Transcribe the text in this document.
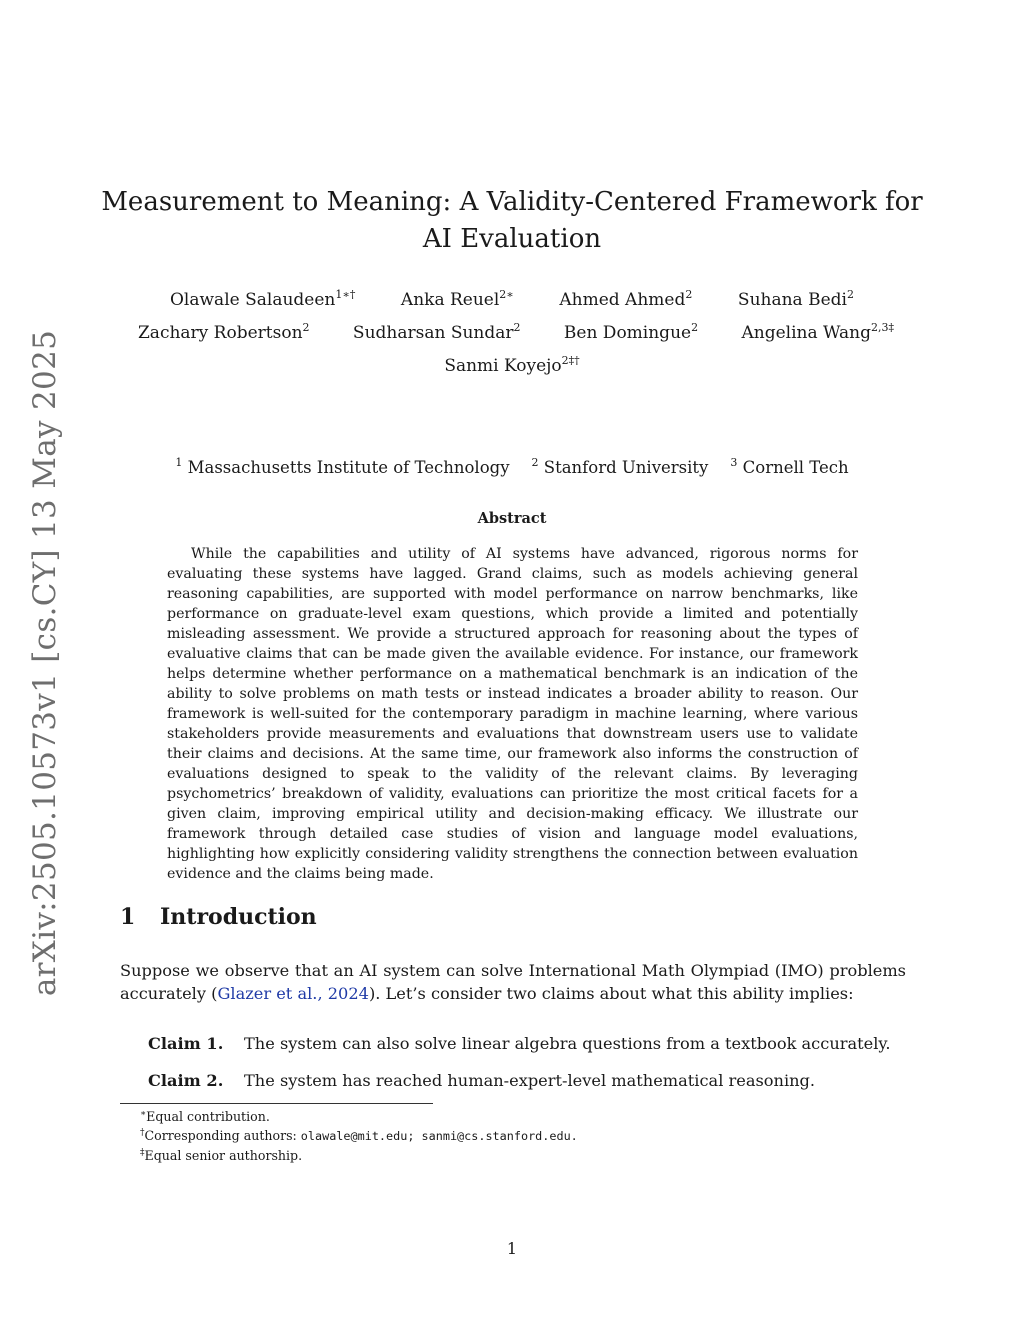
arXiv:2505.10573v1 [cs.CY] 13 May 2025
Measurement to Meaning: A Validity-Centered Framework for AI Evaluation
Olawale Salaudeen$^{1∗\dagger}$	Anka Reuel$^{2∗}$	Ahmed Ahmed$^2$	Suhana Bedi$^2$
Zachary Robertson$^2$	Sudharsan Sundar$^2$	Ben Domingue$^2$	Angelina Wang$^{2,3\ddagger}$
Sanmi Koyejo$^{2\ddagger\dagger}$
$^1$ Massachusetts Institute of Technology $^2$ Stanford University $^3$ Cornell Tech
Abstract

While the capabilities and utility of AI systems have advanced, rigorous norms for evaluating these systems have lagged. Grand claims, such as models achieving general reasoning capabilities, are supported with model performance on narrow benchmarks, like performance on graduate-level exam questions, which provide a limited and potentially misleading assessment. We provide a structured approach for reasoning about the types of evaluative claims that can be made given the available evidence. For instance, our framework helps determine whether performance on a mathematical benchmark is an indication of the ability to solve problems on math tests or instead indicates a broader ability to reason. Our framework is well-suited for the contemporary paradigm in machine learning, where various stakeholders provide measurements and evaluations that downstream users use to validate their claims and decisions. At the same time, our framework also informs the construction of evaluations designed to speak to the validity of the relevant claims. By leveraging psychometrics’ breakdown of validity, evaluations can prioritize the most critical facets for a given claim, improving empirical utility and decision-making efficacy. We illustrate our framework through detailed case studies of vision and language model evaluations, highlighting how explicitly considering validity strengthens the connection between evaluation evidence and the claims being made.

1 Introduction

Suppose we observe that an AI system can solve International Math Olympiad (IMO) problems accurately (Glazer et al., 2024). Let’s consider two claims about what this ability implies:

Claim 1.	The system can also solve linear algebra questions from a textbook accurately.
Claim 2.	The system has reached human-expert-level mathematical reasoning.
∗Equal contribution.
†Corresponding authors: olawale@mit.edu; sanmi@cs.stanford.edu.
‡Equal senior authorship.
1
